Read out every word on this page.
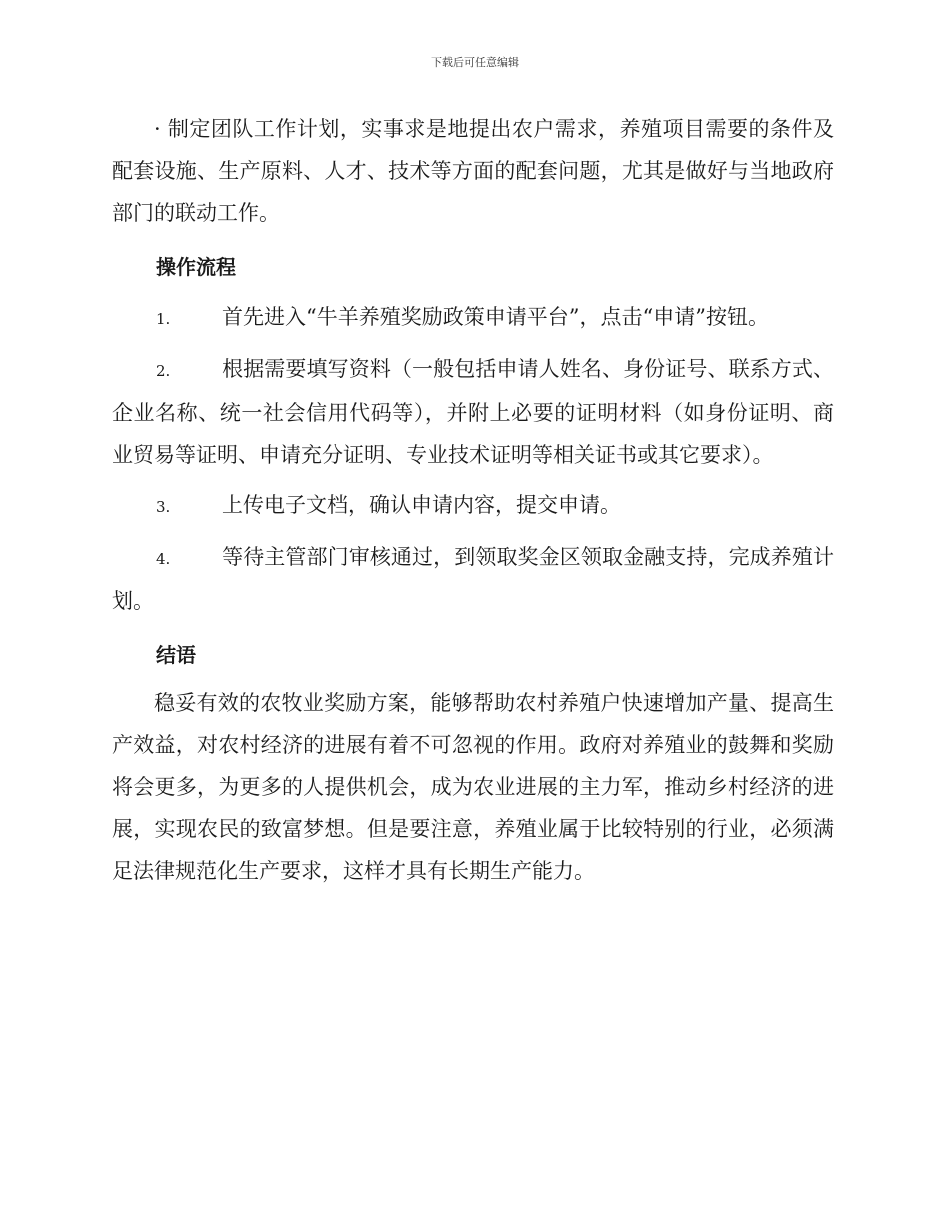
下载后可任意编辑

· 制定团队工作计划，实事求是地提出农户需求，养殖项目需要的条件及配套设施、生产原料、人才、技术等方面的配套问题，尤其是做好与当地政府部门的联动工作。

操作流程

1. 首先进入“牛羊养殖奖励政策申请平台”，点击“申请”按钮。

2. 根据需要填写资料（一般包括申请人姓名、身份证号、联系方式、企业名称、统一社会信用代码等），并附上必要的证明材料（如身份证明、商业贸易等证明、申请充分证明、专业技术证明等相关证书或其它要求）。

3. 上传电子文档，确认申请内容，提交申请。

4. 等待主管部门审核通过，到领取奖金区领取金融支持，完成养殖计划。

结语

稳妥有效的农牧业奖励方案，能够帮助农村养殖户快速增加产量、提高生产效益，对农村经济的进展有着不可忽视的作用。政府对养殖业的鼓舞和奖励将会更多，为更多的人提供机会，成为农业进展的主力军，推动乡村经济的进展，实现农民的致富梦想。但是要注意，养殖业属于比较特别的行业，必须满足法律规范化生产要求，这样才具有长期生产能力。
